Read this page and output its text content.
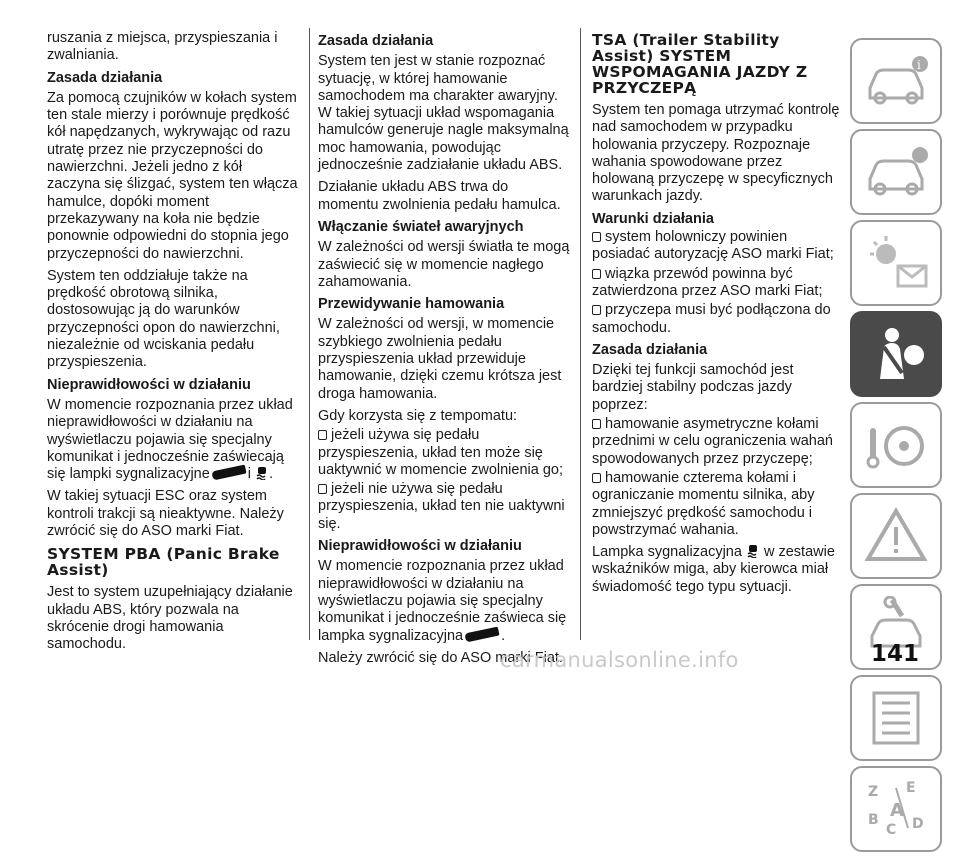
ruszania z miejsca, przyspieszania i zwalniania.

Zasada działania

Za pomocą czujników w kołach system ten stale mierzy i porównuje prędkość kół napędzanych, wykrywając od razu utratę przez nie przyczepności do nawierzchni. Jeżeli jedno z kół zaczyna się ślizgać, system ten włącza hamulce, dopóki moment przekazywany na koła nie będzie ponownie odpowiedni do stopnia jego przyczepności do nawierzchni.

System ten oddziałuje także na prędkość obrotową silnika, dostosowując ją do warunków przyczepności opon do nawierzchni, niezależnie od wciskania pedału przyspieszenia.

Nieprawidłowości w działaniu

W momencie rozpoznania przez układ nieprawidłowości w działaniu na wyświetlaczu pojawia się specjalny komunikat i jednocześnie zaświecają się lampki sygnalizacyjne	i .

W takiej sytuacji ESC oraz system kontroli trakcji są nieaktywne. Należy zwrócić się do ASO marki Fiat.

SYSTEM PBA (Panic Brake Assist)

Jest to system uzupełniający działanie układu ABS, który pozwala na skrócenie drogi hamowania samochodu.

Zasada działania

System ten jest w stanie rozpoznać sytuację, w której hamowanie samochodem ma charakter awaryjny. W takiej sytuacji układ wspomagania hamulców generuje nagle maksymalną moc hamowania, powodując jednocześnie zadziałanie układu ABS.

Działanie układu ABS trwa do momentu zwolnienia pedału hamulca.

Włączanie świateł awaryjnych

W zależności od wersji światła te mogą zaświecić się w momencie nagłego zahamowania.

Przewidywanie hamowania

W zależności od wersji, w momencie szybkiego zwolnienia pedału przyspieszenia układ przewiduje hamowanie, dzięki czemu krótsza jest droga hamowania.

Gdy korzysta się z tempomatu:

jeżeli używa się pedału przyspieszenia, układ ten może się uaktywnić w momencie zwolnienia go;

jeżeli nie używa się pedału przyspieszenia, układ ten nie uaktywni się.

Nieprawidłowości w działaniu

W momencie rozpoznania przez układ nieprawidłowości w działaniu na wyświetlaczu pojawia się specjalny komunikat i jednocześnie zaświeca się lampka sygnalizacyjna	.

Należy zwrócić się do ASO marki Fiat.

TSA (Trailer Stability Assist) SYSTEM WSPOMAGANIA JAZDY Z PRZYCZEPĄ

System ten pomaga utrzymać kontrolę nad samochodem w przypadku holowania przyczepy. Rozpoznaje wahania spowodowane przez holowaną przyczepę w specyficznych warunkach jazdy.

Warunki działania

system holowniczy powinien posiadać autoryzację ASO marki Fiat;

wiązka przewód powinna być zatwierdzona przez ASO marki Fiat;

przyczepa musi być podłączona do samochodu.

Zasada działania

Dzięki tej funkcji samochód jest bardziej stabilny podczas jazdy poprzez:

hamowanie asymetryczne kołami przednimi w celu ograniczenia wahań spowodowanych przez przyczepę;

hamowanie czterema kołami i ograniczanie momentu silnika, aby zmniejszyć prędkość samochodu i powstrzymać wahania.

Lampka sygnalizacyjna w zestawie wskaźników miga, aby kierowca miał świadomość tego typu sytuacji.

i
Z E
B
C D
A
141
carmanualsonline.info
